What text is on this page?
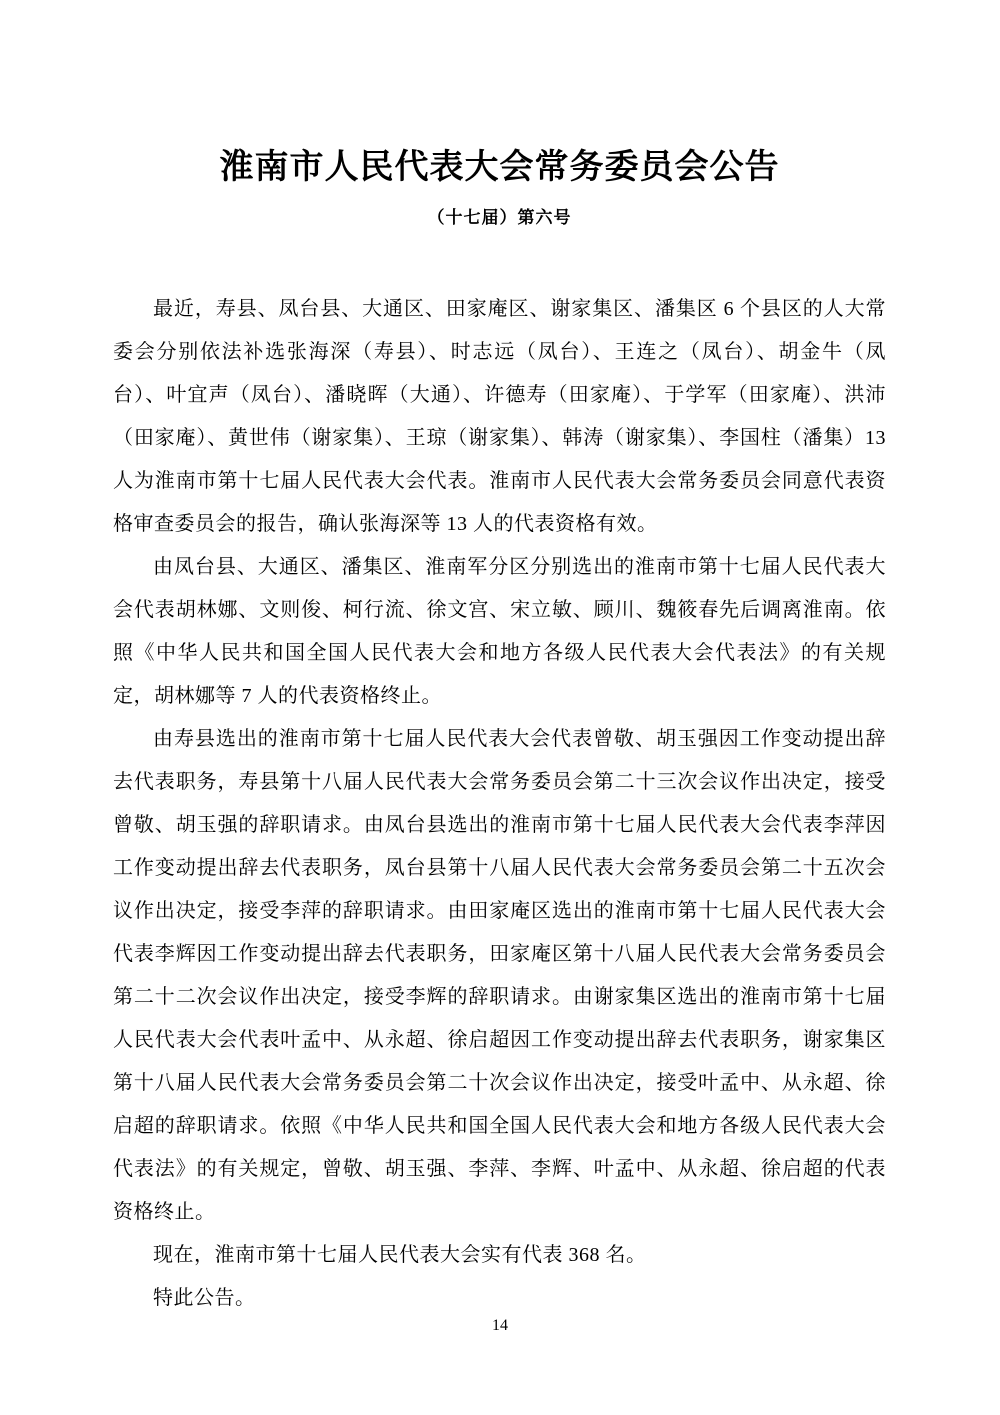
淮南市人民代表大会常务委员会公告
（十七届）第六号

最近，寿县、凤台县、大通区、田家庵区、谢家集区、潘集区 6 个县区的人大常委会分别依法补选张海深（寿县）、时志远（凤台）、王连之（凤台）、胡金牛（凤台）、叶宜声（凤台）、潘晓晖（大通）、许德寿（田家庵）、于学军（田家庵）、洪沛（田家庵）、黄世伟（谢家集）、王琼（谢家集）、韩涛（谢家集）、李国柱（潘集）13 人为淮南市第十七届人民代表大会代表。淮南市人民代表大会常务委员会同意代表资格审查委员会的报告，确认张海深等 13 人的代表资格有效。

由凤台县、大通区、潘集区、淮南军分区分别选出的淮南市第十七届人民代表大会代表胡林娜、文则俊、柯行流、徐文宫、宋立敏、顾川、魏筱春先后调离淮南。依照《中华人民共和国全国人民代表大会和地方各级人民代表大会代表法》的有关规定，胡林娜等 7 人的代表资格终止。

由寿县选出的淮南市第十七届人民代表大会代表曾敬、胡玉强因工作变动提出辞去代表职务，寿县第十八届人民代表大会常务委员会第二十三次会议作出决定，接受曾敬、胡玉强的辞职请求。由凤台县选出的淮南市第十七届人民代表大会代表李萍因工作变动提出辞去代表职务，凤台县第十八届人民代表大会常务委员会第二十五次会议作出决定，接受李萍的辞职请求。由田家庵区选出的淮南市第十七届人民代表大会代表李辉因工作变动提出辞去代表职务，田家庵区第十八届人民代表大会常务委员会第二十二次会议作出决定，接受李辉的辞职请求。由谢家集区选出的淮南市第十七届人民代表大会代表叶孟中、从永超、徐启超因工作变动提出辞去代表职务，谢家集区第十八届人民代表大会常务委员会第二十次会议作出决定，接受叶孟中、从永超、徐启超的辞职请求。依照《中华人民共和国全国人民代表大会和地方各级人民代表大会代表法》的有关规定，曾敬、胡玉强、李萍、李辉、叶孟中、从永超、徐启超的代表资格终止。

现在，淮南市第十七届人民代表大会实有代表 368 名。

特此公告。

14
